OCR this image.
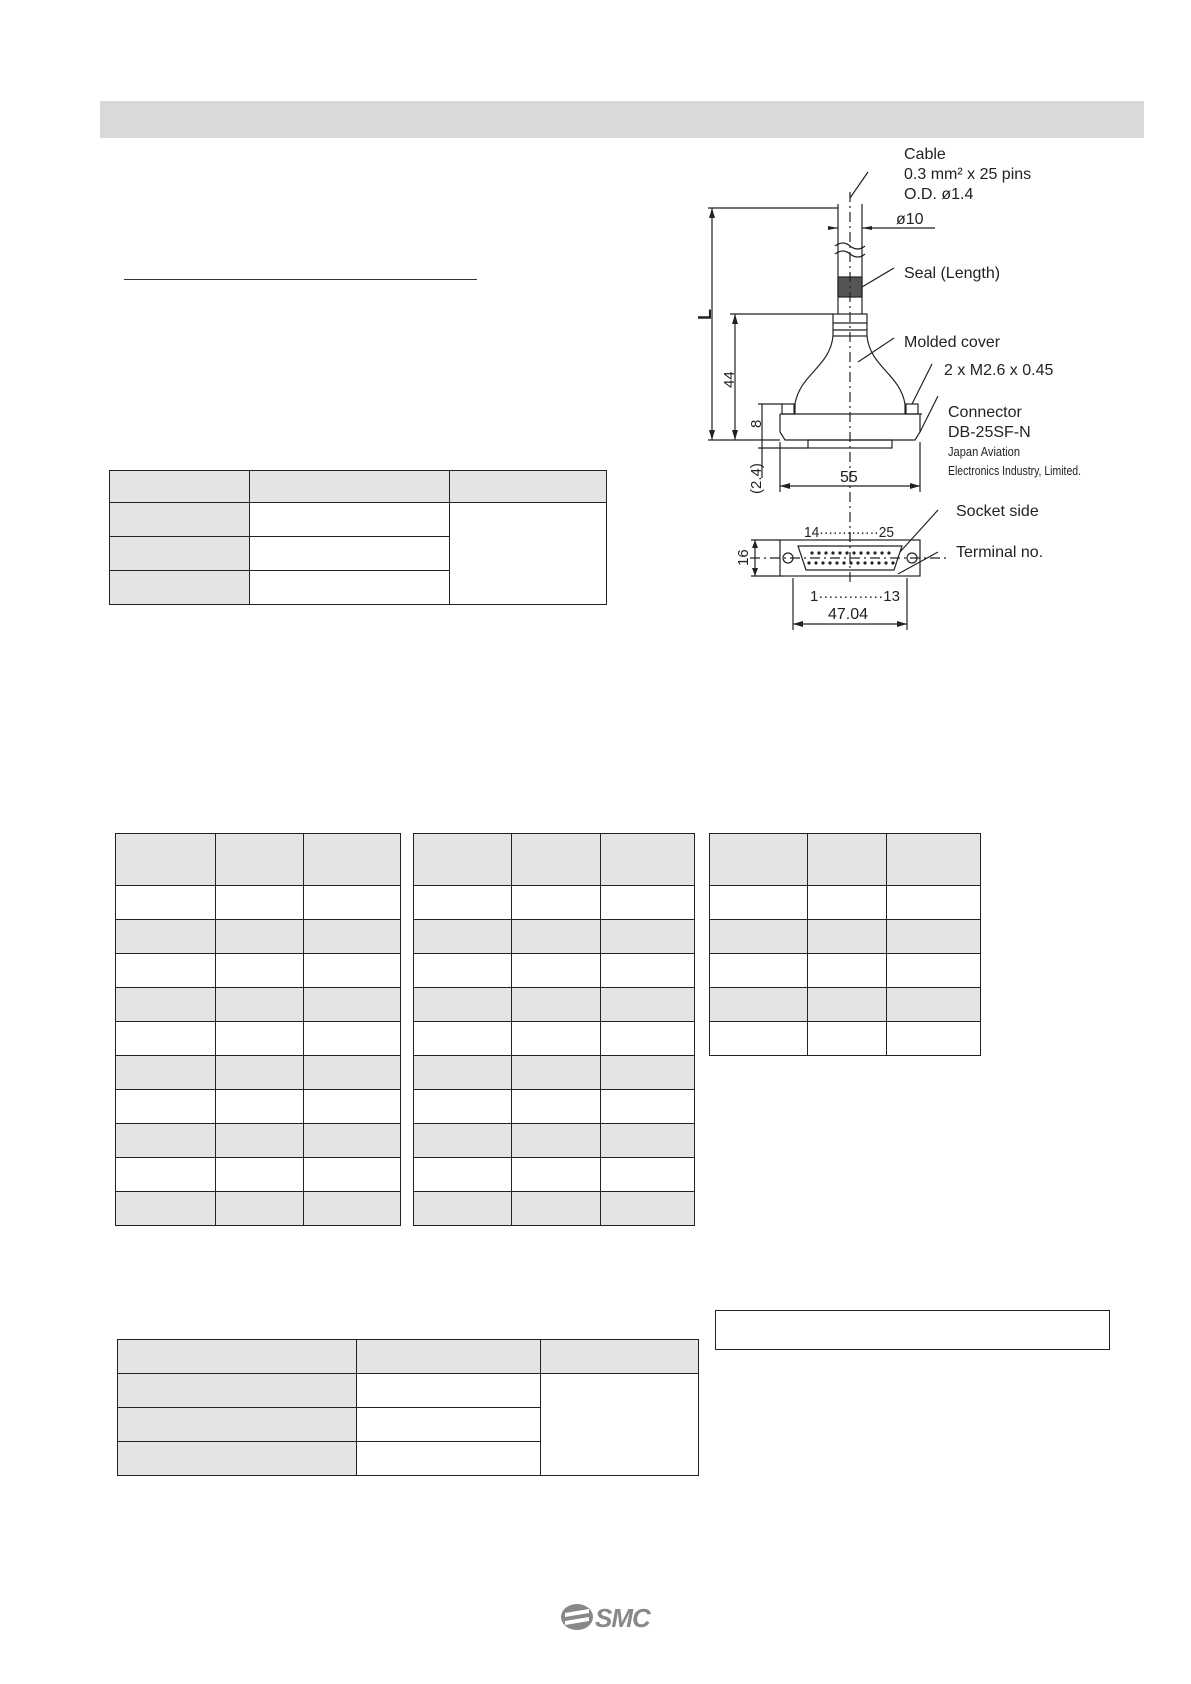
Cable
0.3 mm² x 25 pins
O.D. ø1.4
ø10
Seal (Length)
Molded cover
2 x M2.6 x 0.45
Connector
DB-25SF-N
Japan Aviation
Electronics Industry, Limited.
L
44
8
(2.4)	55
Socket side
Terminal no.
14·············25
1·············13
16
47.04

SMC
